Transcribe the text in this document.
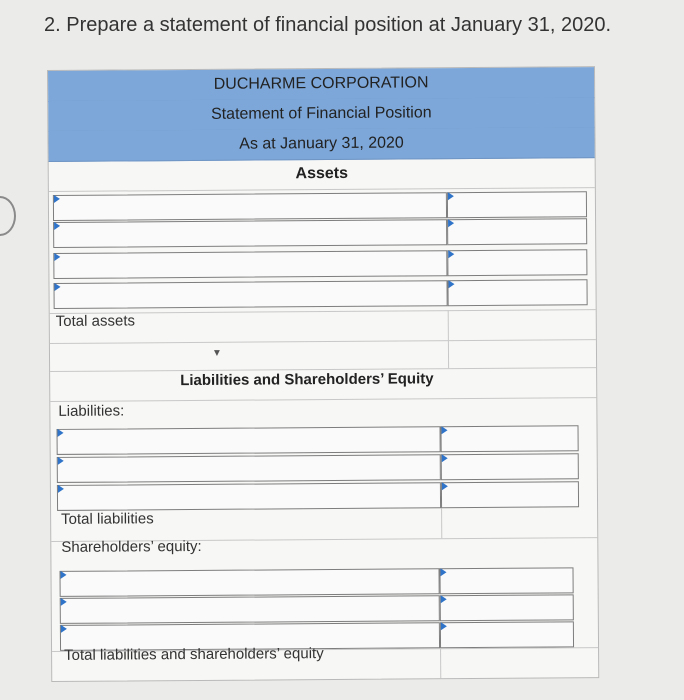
2. Prepare a statement of financial position at January 31, 2020.
DUCHARME CORPORATION
Statement of Financial Position
As at January 31, 2020
Assets
Total assets
▼
Liabilities and Shareholders’ Equity
Liabilities:
Total liabilities
Shareholders’ equity:
Total liabilities and shareholders’ equity
